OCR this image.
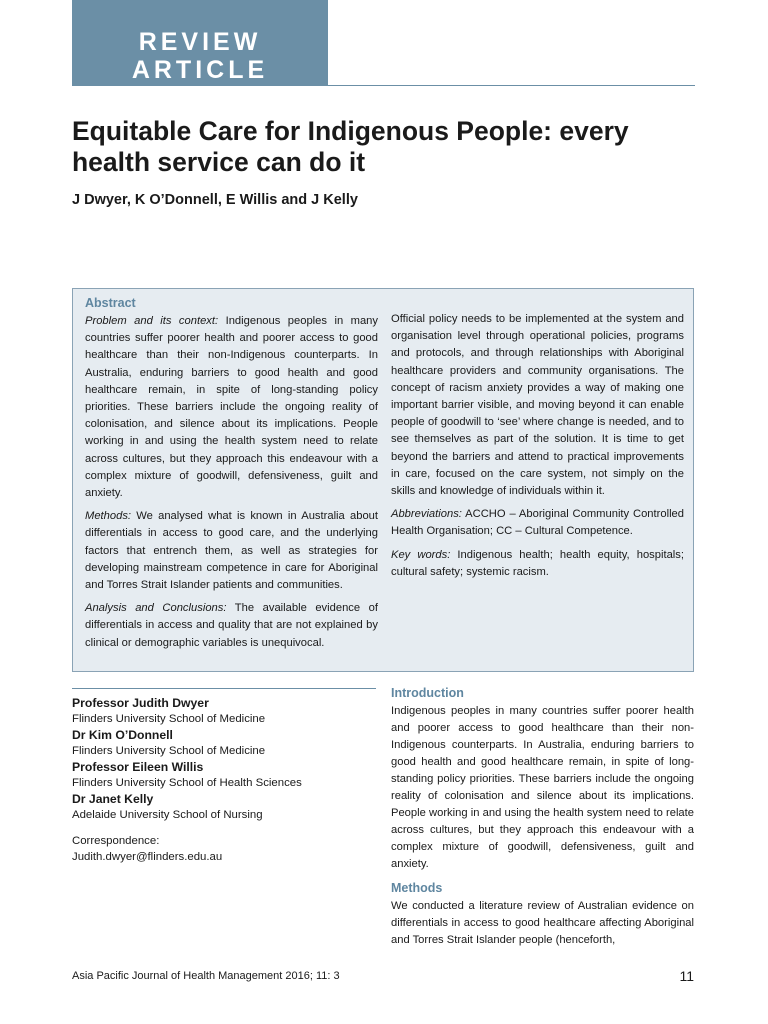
REVIEW
ARTICLE
Equitable Care for Indigenous People: every health service can do it
J Dwyer, K O’Donnell, E Willis and J Kelly
Abstract

Problem and its context: Indigenous peoples in many countries suffer poorer health and poorer access to good healthcare than their non-Indigenous counterparts. In Australia, enduring barriers to good health and good healthcare remain, in spite of long-standing policy priorities. These barriers include the ongoing reality of colonisation, and silence about its implications. People working in and using the health system need to relate across cultures, but they approach this endeavour with a complex mixture of goodwill, defensiveness, guilt and anxiety.

Methods: We analysed what is known in Australia about differentials in access to good care, and the underlying factors that entrench them, as well as strategies for developing mainstream competence in care for Aboriginal and Torres Strait Islander patients and communities.

Analysis and Conclusions: The available evidence of differentials in access and quality that are not explained by clinical or demographic variables is unequivocal.

Official policy needs to be implemented at the system and organisation level through operational policies, programs and protocols, and through relationships with Aboriginal healthcare providers and community organisations. The concept of racism anxiety provides a way of making one important barrier visible, and moving beyond it can enable people of goodwill to ‘see’ where change is needed, and to see themselves as part of the solution. It is time to get beyond the barriers and attend to practical improvements in care, focused on the care system, not simply on the skills and knowledge of individuals within it.

Abbreviations: ACCHO – Aboriginal Community Controlled Health Organisation; CC – Cultural Competence.

Key words: Indigenous health; health equity, hospitals; cultural safety; systemic racism.

Professor Judith Dwyer
Flinders University School of Medicine
Dr Kim O’Donnell
Flinders University School of Medicine
Professor Eileen Willis
Flinders University School of Health Sciences
Dr Janet Kelly
Adelaide University School of Nursing
Correspondence:
Judith.dwyer@flinders.edu.au
Introduction

Indigenous peoples in many countries suffer poorer health and poorer access to good healthcare than their non-Indigenous counterparts. In Australia, enduring barriers to good health and good healthcare remain, in spite of long-standing policy priorities. These barriers include the ongoing reality of colonisation and silence about its implications. People working in and using the health system need to relate across cultures, but they approach this endeavour with a complex mixture of goodwill, defensiveness, guilt and anxiety.

Methods

We conducted a literature review of Australian evidence on differentials in access to good healthcare affecting Aboriginal and Torres Strait Islander people (henceforth,

Asia Pacific Journal of Health Management 2016; 11: 3	11
